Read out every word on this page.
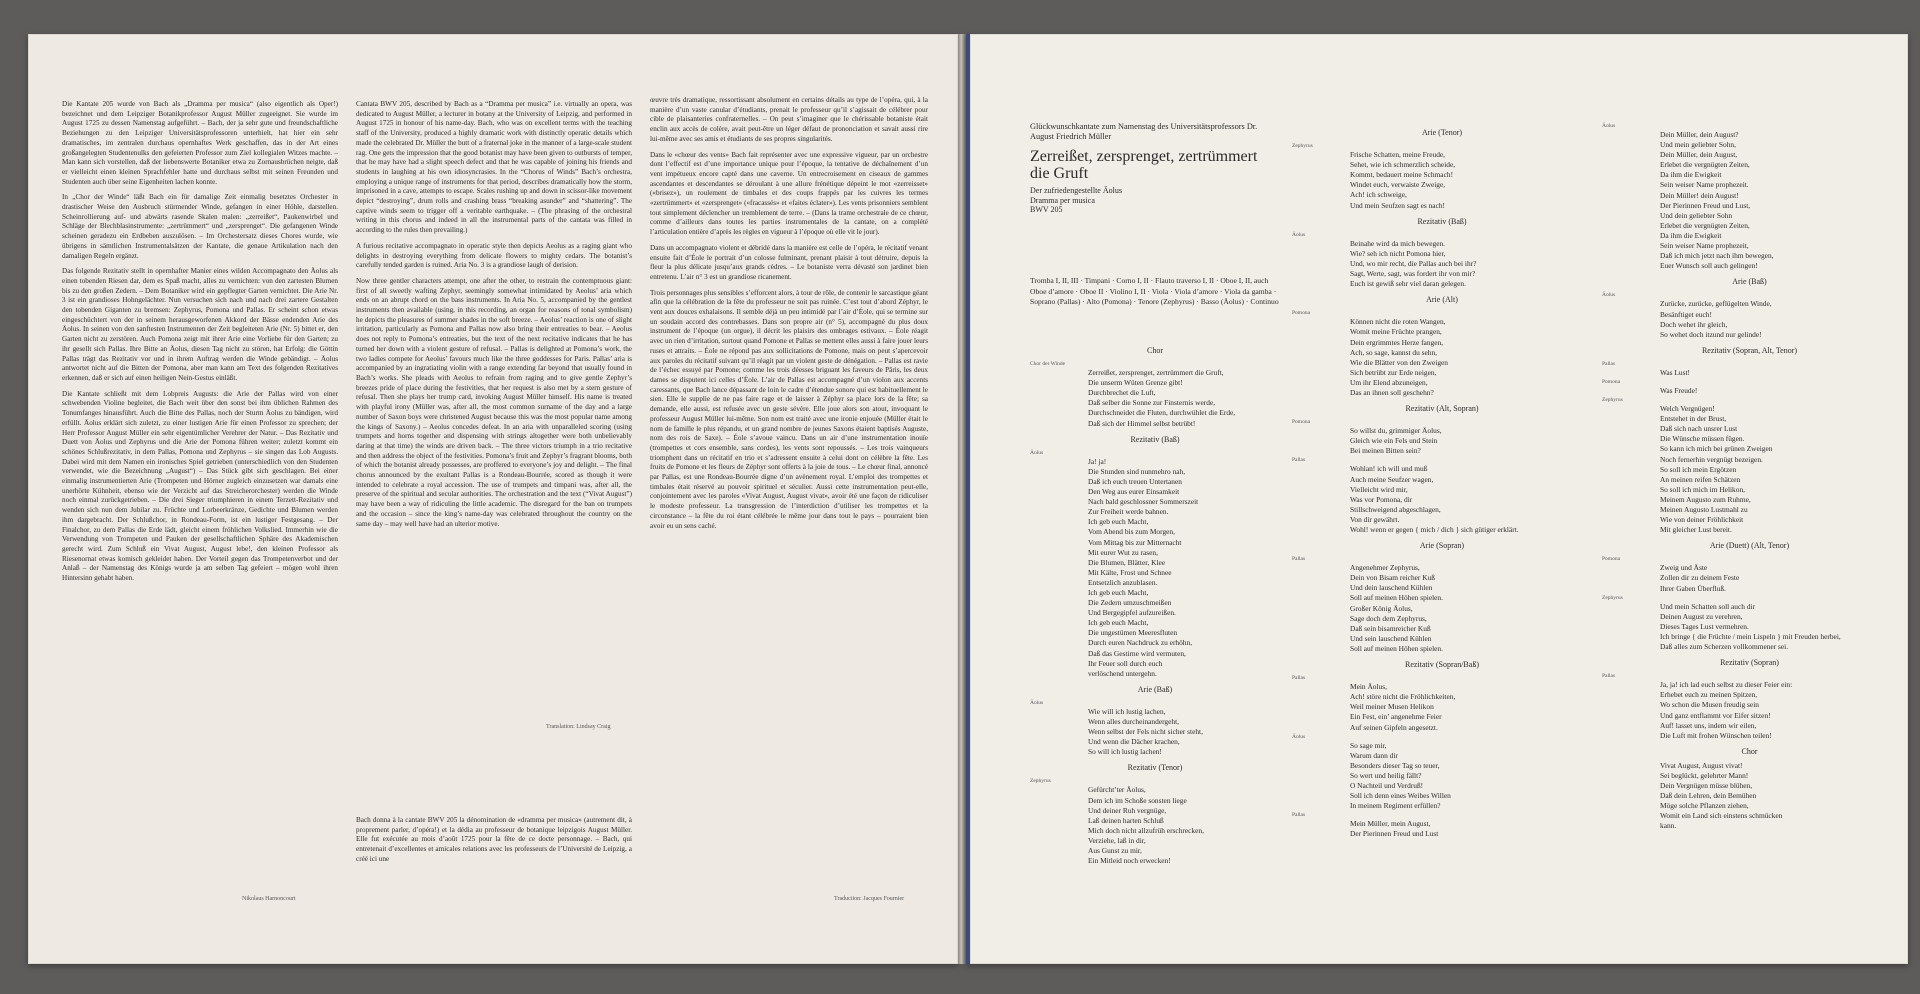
Die Kantate 205 wurde von Bach als „Dramma per musica“ (also eigentlich als Oper!) bezeichnet und dem Leipziger Botanikprofessor August Müller zugeeignet. Sie wurde im August 1725 zu dessen Namenstag aufgeführt. – Bach, der ja sehr gute und freundschaftliche Beziehungen zu den Leipziger Universitätsprofessoren unterhielt, hat hier ein sehr dramatisches, im zentralen durchaus opernhaftes Werk geschaffen, das in der Art eines großangelegten Studentenulks den gefeierten Professor zum Ziel kollegialen Witzes machte. – Man kann sich vorstellen, daß der liebenswerte Botaniker etwa zu Zornausbrüchen neigte, daß er vielleicht einen kleinen Sprachfehler hatte und durchaus selbst mit seinen Freunden und Studenten auch über seine Eigenheiten lachen konnte.

In „Chor der Winde“ läßt Bach ein für damalige Zeit einmalig besetztes Orchester in drastischer Weise den Ausbruch stürmender Winde, gefangen in einer Höhle, darstellen. Scheinrollierung auf- und abwärts rasende Skalen malen: „zerreißet“, Paukenwirbel und Schläge der Blechblasinstrumente: „zertrümmert“ und „zersprenget“. Die gefangenen Winde scheinen geradezu ein Erdbeben auszulösen. – Im Orchestersatz dieses Chores wurde, wie übrigens in sämtlichen Instrumentalsätzen der Kantate, die genaue Artikulation nach den damaligen Regeln ergänzt.

Das folgende Rezitativ stellt in opernhafter Manier eines wilden Accompagnato den Äolus als einen tobenden Riesen dar, dem es Spaß macht, alles zu vernichten: von den zartesten Blumen bis zu den großen Zedern. – Dem Botaniker wird ein gepflegter Garten vernichtet. Die Arie Nr. 3 ist ein grandioses Hohngelächter. Nun versuchen sich nach und nach drei zartere Gestalten den tobenden Giganten zu bremsen: Zephyrus, Pomona und Pallas. Er scheint schon etwas eingeschüchtert von der in seinem herausgeworfenen Akkord der Bässe endenden Arie des Äolus. In seinen von den sanftesten Instrumenten der Zeit begleiteten Arie (Nr. 5) bittet er, den Garten nicht zu zerstören. Auch Pomona zeigt mit ihrer Arie eine Vorliebe für den Garten; zu ihr gesellt sich Pallas. Ihre Bitte an Äolus, diesen Tag nicht zu stören, hat Erfolg: die Göttin Pallas trägt das Rezitativ vor und in ihrem Auftrag werden die Winde gebändigt. – Äolus antwortet nicht auf die Bitten der Pomona, aber man kann am Text des folgenden Rezitatives erkennen, daß er sich auf einen heiligen Nein-Gestus einläßt.

Die Kantate schließt mit dem Lobpreis Augusts: die Arie der Pallas wird von einer schwebenden Violine begleitet, die Bach weit über den sonst bei ihm üblichen Rahmen des Tonumfanges hinausführt. Auch die Bitte des Pallas, noch der Sturm Äolus zu bändigen, wird erfüllt. Äolus erklärt sich zuletzt, zu einer lustigen Arie für einen Professor zu sprechen; der Herr Professor August Müller ein sehr eigentümlicher Verehrer der Natur. – Das Rezitativ und Duett von Äolus und Zephyrus und die Arie der Pomona führen weiter; zuletzt kommt ein schönes Schlußrezitativ, in dem Pallas, Pomona und Zephyrus – sie singen das Lob Augusts. Dabei wird mit dem Namen ein ironisches Spiel getrieben (unterschiedlich von den Studenten verwendet, wie die Bezeichnung „August“) – Das Stück gibt sich geschlagen. Bei einer einmalig instrumentierten Arie (Trompeten und Hörner zugleich einzusetzen war damals eine unerhörte Kühnheit, ebenso wie der Verzicht auf das Streicherorchester) werden die Winde noch einmal zurückgetrieben. – Die drei Sieger triumphieren in einem Terzett-Rezitativ und wenden sich nun dem Jubilar zu. Früchte und Lorbeerkränze, Gedichte und Blumen werden ihm dargebracht. Der Schlußchor, in Rondeau-Form, ist ein lustiger Festgesang. – Der Finalchor, zu dem Pallas die Erde lädt, gleicht einem fröhlichen Volkslied. Immerhin wie die Verwendung von Trompeten und Pauken der gesellschaftlichen Sphäre des Akademischen gerecht wird. Zum Schluß ein Vivat August, August lebe!, den kleinen Professor als Riesenornat etwas komisch gekleidet haben. Der Vorteil gegen das Trompetenverbot und der Anlaß – der Namenstag des Königs wurde ja am selben Tag gefeiert – mögen wohl ihren Hintersinn gehabt haben.

Nikolaus Harnoncourt

Cantata BWV 205, described by Bach as a “Dramma per musica” i.e. virtually an opera, was dedicated to August Müller, a lecturer in botany at the University of Leipzig, and performed in August 1725 in honour of his name-day. Bach, who was on excellent terms with the teaching staff of the University, produced a highly dramatic work with distinctly operatic details which made the celebrated Dr. Müller the butt of a fraternal joke in the manner of a large-scale student rag. One gets the impression that the good botanist may have been given to outbursts of temper, that he may have had a slight speech defect and that he was capable of joining his friends and students in laughing at his own idiosyncrasies. In the “Chorus of Winds” Bach’s orchestra, employing a unique range of instruments for that period, describes dramatically how the storm, imprisoned in a cave, attempts to escape. Scales rushing up and down in scissor-like movement depict “destroying”, drum rolls and crashing brass “breaking asunder” and “shattering”. The captive winds seem to trigger off a veritable earthquake. – (The phrasing of the orchestral writing in this chorus and indeed in all the instrumental parts of the cantata was filled in according to the rules then prevailing.)

A furious recitative accompagnato in operatic style then depicts Aeolus as a raging giant who delights in destroying everything from delicate flowers to mighty cedars. The botanist’s carefully tended garden is ruined. Aria No. 3 is a grandiose laugh of derision.

Now three gentler characters attempt, one after the other, to restrain the contemptuous giant: first of all sweetly wafting Zephyr, seemingly somewhat intimidated by Aeolus’ aria which ends on an abrupt chord on the bass instruments. In Aria No. 5, accompanied by the gentlest instruments then available (using, in this recording, an organ for reasons of tonal symbolism) he depicts the pleasures of summer shades in the soft breeze. – Aeolus’ reaction is one of slight irritation, particularly as Pomona and Pallas now also bring their entreaties to bear. – Aeolus does not reply to Pomona’s entreaties, but the text of the next recitative indicates that he has turned her down with a violent gesture of refusal. – Pallas is delighted at Pomona’s work, the two ladies compete for Aeolus’ favours much like the three goddesses for Paris. Pallas’ aria is accompanied by an ingratiating violin with a range extending far beyond that usually found in Bach’s works. She pleads with Aeolus to refrain from raging and to give gentle Zephyr’s breezes pride of place during the festivities, that her request is also met by a stern gesture of refusal. Then she plays her trump card, invoking August Müller himself. His name is treated with playful irony (Müller was, after all, the most common surname of the day and a large number of Saxon boys were christened August because this was the most popular name among the kings of Saxony.) – Aeolus concedes defeat. In an aria with unparalleled scoring (using trumpets and horns together and dispensing with strings altogether were both unbelievably daring at that time) the winds are driven back. – The three victors triumph in a trio recitative and then address the object of the festivities. Pomona’s fruit and Zephyr’s fragrant blooms, both of which the botanist already possesses, are proffered to everyone’s joy and delight. – The final chorus announced by the exultant Pallas is a Rondeau-Bourrée, scored as though it were intended to celebrate a royal accession. The use of trumpets and timpani was, after all, the preserve of the spiritual and secular authorities. The orchestration and the text (“Vivat August”) may have been a way of ridiculing the little academic. The disregard for the ban on trumpets and the occasion – since the king’s name-day was celebrated throughout the country on the same day – may well have had an ulterior motive.

Translation: Lindsay Craig

Bach donna à la cantate BWV 205 la dénomination de «dramma per musica» (autrement dit, à proprement parler, d’opéra!) et la dédia au professeur de botanique leipzigois August Müller. Elle fut exécutée au mois d’août 1725 pour la fête de ce docte personnage. – Bach, qui entretenait d’excellentes et amicales relations avec les professeurs de l’Université de Leipzig, a créé ici une

œuvre très dramatique, ressortissant absolument en certains détails au type de l’opéra, qui, à la manière d’un vaste canular d’étudiants, prenait le professeur qu’il s’agissait de célébrer pour cible de plaisanteries confraternelles. – On peut s’imaginer que le chérissable botaniste était enclin aux accès de colère, avait peut-être un léger défaut de prononciation et savait aussi rire lui-même avec ses amis et étudiants de ses propres singularités.

Dans le «chœur des vents» Bach fait représenter avec une expressive vigueur, par un orchestre dont l’effectif est d’une importance unique pour l’époque, la tentative de déchaînement d’un vent impétueux encore capté dans une caverne. Un entrecroisement en ciseaux de gammes ascendantes et descendantes se déroulant à une allure frénétique dépeint le mot «zerreisset» («brisez»), un roulement de timbales et des coups frappés par les cuivres les termes «zertrümmert» et «zersprenget» («fracassés» et «faites éclater»). Les vents prisonniers semblent tout simplement déclencher un tremblement de terre. – (Dans la trame orchestrale de ce chœur, comme d’ailleurs dans toutes les parties instrumentales de la cantate, on a complété l’articulation entière d’après les règles en vigueur à l’époque où elle vit le jour).

Dans un accompagnato violent et débridé dans la manière est celle de l’opéra, le récitatif venant ensuite fait d’Éole le portrait d’un colosse fulminant, prenant plaisir à tout détruire, depuis la fleur la plus délicate jusqu’aux grands cèdres. – Le botaniste verra dévasté son jardinet bien entretenu. L’air n° 3 est un grandiose ricanement.

Trois personnages plus sensibles s’efforcent alors, à tour de rôle, de contenir le sarcastique géant afin que la célébration de la fête du professeur ne soit pas ruinée. C’est tout d’abord Zéphyr, le vent aux douces exhalaisons. Il semble déjà un peu intimidé par l’air d’Éole, qui se termine sur un soudain accord des contrebasses. Dans son propre air (n° 5), accompagné du plus doux instrument de l’époque (un orgue), il décrit les plaisirs des ombrages estivaux. – Éole réagit avec un rien d’irritation, surtout quand Pomone et Pallas se mettent elles aussi à faire jouer leurs ruses et attraits. – Éole ne répond pas aux sollicitations de Pomone, mais on peut s’apercevoir aux paroles du récitatif suivant qu’il réagit par un violent geste de dénégation. – Pallas est ravie de l’échec essuyé par Pomone; comme les trois déesses briguant les faveurs de Pâris, les deux dames se disputent ici celles d’Éole. L’air de Pallas est accompagné d’un violon aux accents caressants, que Bach lance dépassant de loin le cadre d’étendue sonore qui est habituellement le sien. Elle le supplie de ne pas faire rage et de laisser à Zéphyr sa place lors de la fête; sa demande, elle aussi, est refusée avec un geste sévère. Elle joue alors son atout, invoquant le professeur August Müller lui-même. Son nom est traité avec une ironie enjouée (Müller était le nom de famille le plus répandu, et un grand nombre de jeunes Saxons étaient baptisés Auguste, nom des rois de Saxe). – Éole s’avoue vaincu. Dans un air d’une instrumentation inouïe (trompettes et cors ensemble, sans cordes), les vents sont repoussés. – Les trois vainqueurs triomphent dans un récitatif en trio et s’adressent ensuite à celui dont on célèbre la fête. Les fruits de Pomone et les fleurs de Zéphyr sont offerts à la joie de tous. – Le chœur final, annoncé par Pallas, est une Rondeau-Bourrée digne d’un avènement royal. L’emploi des trompettes et timbales était réservé au pouvoir spirituel et séculier. Aussi cette instrumentation peut-elle, conjointement avec les paroles «Vivat August, August vivat», avoir été une façon de ridiculiser le modeste professeur. La transgression de l’interdiction d’utiliser les trompettes et la circonstance – la fête du roi étant célébrée le même jour dans tout le pays – pourraient bien avoir eu un sens caché.

Traduction: Jacques Fournier
Glückwunschkantate zum Namenstag des Universitätsprofessors Dr. August Friedrich Müller
Zerreißet, zersprenget, zertrümmert die Gruft
Der zufriedengestellte Äolus
Dramma per musica
BWV 205
Tromba I, II, III · Timpani · Corno I, II · Flauto traverso I, II · Oboe I, II, auch Oboe d’amore · Oboe II · Violino I, II · Viola · Viola d’amore · Viola da gamba · Soprano (Pallas) · Alto (Pomona) · Tenore (Zephyrus) · Basso (Äolus) · Continuo
Chor
Chor der Winde
Zerreißet, zersprenget, zertrümmert die Gruft,
Die unserm Wüten Grenze gibt!
Durchbrechet die Luft,
Daß selber die Sonne zur Finsternis werde,
Durchschneidet die Fluten, durchwühlet die Erde,
Daß sich der Himmel selbst betrübt!
Rezitativ (Baß)
Äolus
Ja! ja!
Die Stunden sind nunmehro nah,
Daß ich euch treuen Untertanen
Den Weg aus eurer Einsamkeit
Nach bald geschlossner Sommerszeit
Zur Freiheit werde bahnen.
Ich geb euch Macht,
Vom Abend bis zum Morgen,
Vom Mittag bis zur Mitternacht
Mit eurer Wut zu rasen,
Die Blumen, Blätter, Klee
Mit Kälte, Frost und Schnee
Entsetzlich anzublasen.
Ich geb euch Macht,
Die Zedern umzuschmeißen
Und Bergegipfel aufzureißen.
Ich geb euch Macht,
Die ungestümen Meeresfluten
Durch euren Nachdruck zu erhöhn,
Daß das Gestirne wird vermuten,
Ihr Feuer soll durch euch
verlöschend untergehn.
Arie (Baß)
Äolus
Wie will ich lustig lachen,
Wenn alles durcheinandergeht,
Wenn selbst der Fels nicht sicher steht,
Und wenn die Dächer krachen,
So will ich lustig lachen!
Rezitativ (Tenor)
Zephyrus
Gefürcht’ter Äolus,
Dem ich im Schoße sonsten liege
Und deiner Ruh vergnüge,
Laß deinen harten Schluß
Mich doch nicht allzufrüh erschrecken,
Verziehe, laß in dir,
Aus Gunst zu mir,
Ein Mitleid noch erwecken!
Arie (Tenor)
Zephyrus
Frische Schatten, meine Freude,
Sehet, wie ich schmerzlich scheide,
Kommt, bedauert meine Schmach!
Windet euch, verwaiste Zweige,
Ach! ich schweige,
Und mein Seufzen sagt es nach!
Rezitativ (Baß)
Äolus
Beinahe wird da mich bewegen.
Wie? seh ich nicht Pomona hier,
Und, wo mir recht, die Pallas auch bei ihr?
Sagt, Werte, sagt, was fordert ihr von mir?
Euch ist gewiß sehr viel daran gelegen.
Arie (Alt)
Pomona
Können nicht die roten Wangen,
Womit meine Früchte prangen,
Dein ergrimmtes Herze fangen,
Ach, so sage, kannst du sehn,
Wie die Blätter von den Zweigen
Sich betrübt zur Erde neigen,
Um ihr Elend abzuneigen,
Das an ihnen soll geschehn?
Rezitativ (Alt, Sopran)
Pomona
So willst du, grimmiger Äolus,
Gleich wie ein Fels und Stein
Bei meinen Bitten sein?
Pallas
Wohlan! ich will und muß
Auch meine Seufzer wagen,
Vielleicht wird mir,
Was vor Pomona, dir
Stillschweigend abgeschlagen,
Von dir gewährt.
Wohl! wenn er gegen { mich / dich } sich gütiger erklärt.
Arie (Sopran)
Pallas
Angenehmer Zephyrus,
Dein von Bisam reicher Kuß
Und dein lauschend Kühlen
Soll auf meinen Höhen spielen.
Großer König Äolus,
Sage doch dem Zephyrus,
Daß sein bisamreicher Kuß
Und sein lauschend Kühlen
Soll auf meinen Höhen spielen.
Rezitativ (Sopran/Baß)
Pallas
Mein Äolus,
Ach! störe nicht die Fröhlichkeiten,
Weil meiner Musen Helikon
Ein Fest, ein’ angenehme Feier
Auf seinen Gipfeln angesetzt.
Äolus
So sage mir,
Warum dann dir
Besonders dieser Tag so teuer,
So wert und heilig fällt?
O Nachteil und Verdruß!
Soll ich denn eines Weibes Willen
In meinem Regiment erfüllen?
Pallas
Mein Müller, mein August,
Der Pierinnen Freud und Lust
Äolus
Dein Müller, dein August?
Und mein geliebter Sohn,
Dein Müller, dein August,
Erlebet die vergnügten Zeiten,
Da ihm die Ewigkeit
Sein weiser Name prophezeit.
Dein Müller! dein August!
Der Pierinnen Freud und Lust,
Und dein geliebter Sohn
Erlebet die vergnügten Zeiten,
Da ihm die Ewigkeit
Sein weiser Name prophezeit,
Daß ich mich jetzt nach ihm bewegen,
Euer Wunsch soll auch gelingen!
Arie (Baß)
Äolus
Zurücke, zurücke, geflügelten Winde,
Besänftiget euch!
Doch wehet ihr gleich,
So wehet doch itzund nur gelinde!
Rezitativ (Sopran, Alt, Tenor)
Pallas
Was Lust!
Pomona
Was Freude!
Zephyrus
Welch Vergnügen!
Entstehet in der Brust,
Daß sich nach unsrer Lust
Die Wünsche müssen fügen.
So kann ich mich bei grünen Zweigen
Noch fernerhin vergnügt bezeigen.
So soll ich mein Ergötzen
An meinen reifen Schätzen
So soll ich mich im Helikon,
Meinem Augusto zum Ruhme,
Meinen Augusto Lustmahl zu
Wie von deiner Fröhlichkeit
Mit gleicher Lust bereit.
Arie (Duett) (Alt, Tenor)
Pomona
Zweig und Äste
Zollen dir zu deinem Feste
Ihrer Gaben Überfluß.
Zephyrus
Und mein Schatten soll auch dir
Deinen August zu verehren,
Dieses Tages Lust vermehren.
Ich bringe { die Früchte / mein Lispeln } mit Freuden herbei,
Daß alles zum Scherzen vollkommener sei.
Rezitativ (Sopran)
Pallas
Ja, ja! ich lad euch selbst zu dieser Feier ein:
Erhebet euch zu meinen Spitzen,
Wo schon die Musen freudig sein
Und ganz entflammt vor Eifer sitzen!
Auf! lasset uns, indem wir eilen,
Die Luft mit frohen Wünschen teilen!
Chor
Vivat August, August vivat!
Sei beglückt, gelehrter Mann!
Dein Vergnügen müsse blühen,
Daß dein Lehren, dein Bemühen
Möge solche Pflanzen ziehen,
Womit ein Land sich einstens schmücken
kann.
